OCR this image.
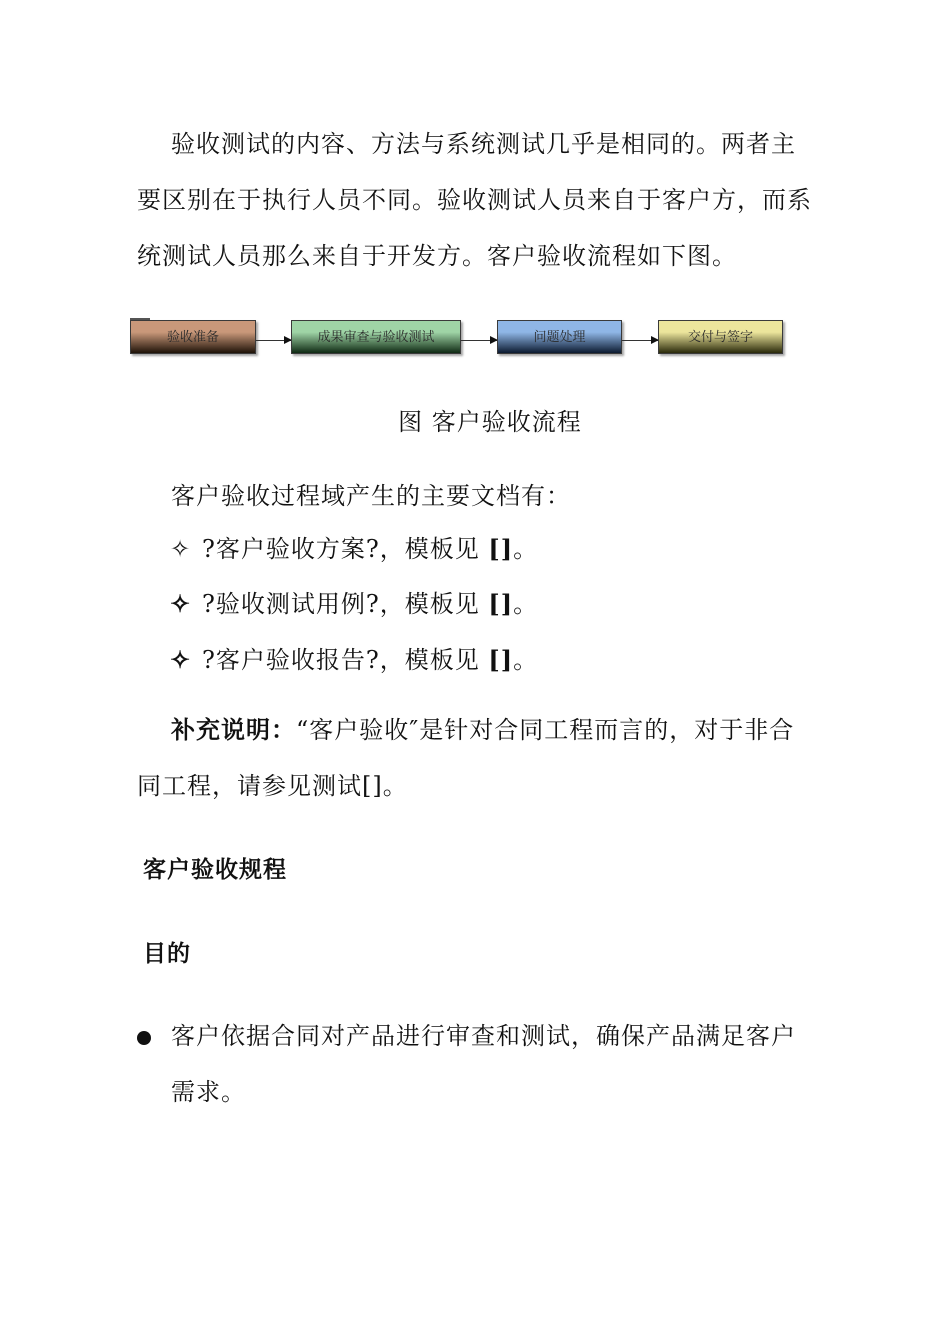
验收测试的内容、方法与系统测试几乎是相同的。两者主要区别在于执行人员不同。验收测试人员来自于客户方，而系统测试人员那么来自于开发方。客户验收流程如下图。

验收准备	成果审查与验收测试	问题处理	交付与签字
图 客户验收流程

客户验收过程域产生的主要文档有：

✧ ?客户验收方案?，模板见 []。
✧ ?验收测试用例?，模板见 []。
✧ ?客户验收报告?，模板见 []。

补充说明：“客户验收″是针对合同工程而言的，对于非合同工程，请参见测试[]。

客户验收规程
目的

客户依据合同对产品进行审查和测试，确保产品满足客户需求。
